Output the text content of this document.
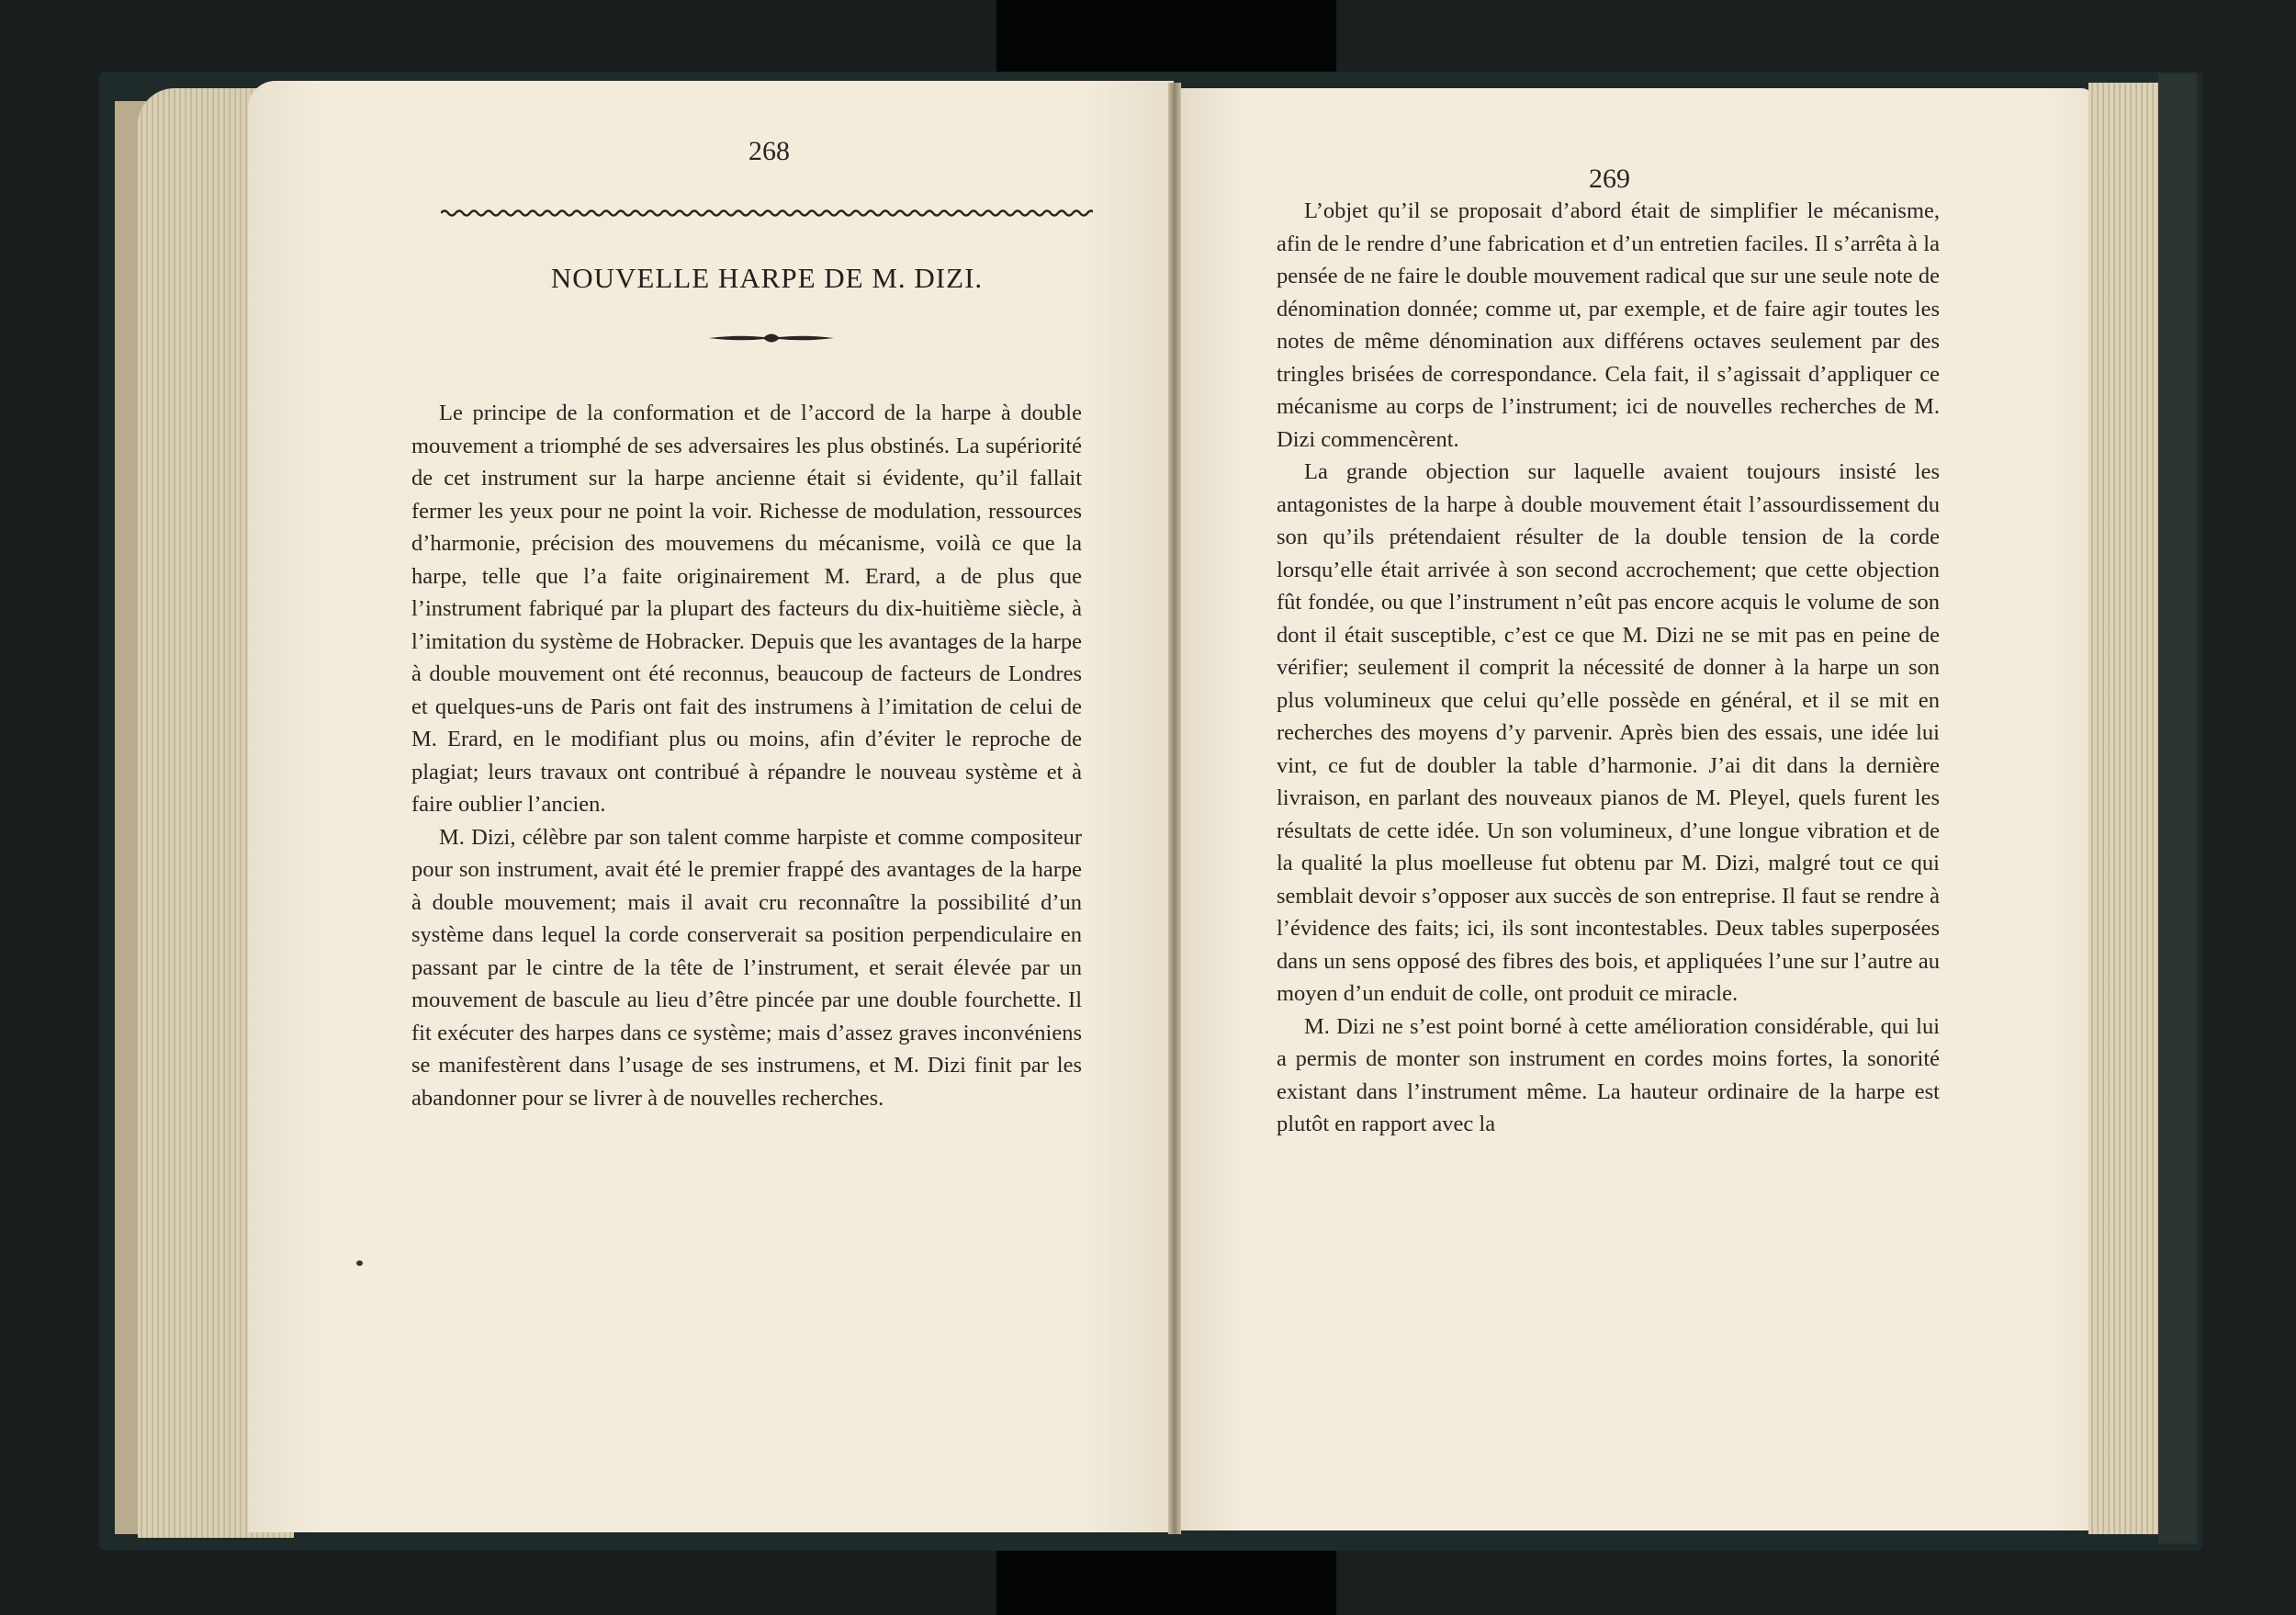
268
NOUVELLE HARPE DE M. DIZI.

Le principe de la conformation et de l’accord de la harpe à double mouvement a triomphé de ses adversaires les plus obstinés. La supériorité de cet instrument sur la harpe ancienne était si évidente, qu’il fallait fermer les yeux pour ne point la voir. Richesse de modulation, ressources d’harmonie, précision des mouvemens du mécanisme, voilà ce que la harpe, telle que l’a faite originairement M. Erard, a de plus que l’instrument fabriqué par la plupart des facteurs du dix-huitième siècle, à l’imitation du système de Hobracker. Depuis que les avantages de la harpe à double mouvement ont été reconnus, beaucoup de facteurs de Londres et quelques-uns de Paris ont fait des instrumens à l’imitation de celui de M. Erard, en le modifiant plus ou moins, afin d’éviter le reproche de plagiat; leurs travaux ont contribué à répandre le nouveau système et à faire oublier l’ancien.

M. Dizi, célèbre par son talent comme harpiste et comme compositeur pour son instrument, avait été le premier frappé des avantages de la harpe à double mouvement; mais il avait cru reconnaître la possibilité d’un système dans lequel la corde conserverait sa position perpendiculaire en passant par le cintre de la tête de l’instrument, et serait élevée par un mouvement de bascule au lieu d’être pincée par une double fourchette. Il fit exécuter des harpes dans ce système; mais d’assez graves inconvéniens se manifestèrent dans l’usage de ses instrumens, et M. Dizi finit par les abandonner pour se livrer à de nouvelles recherches.

269

L’objet qu’il se proposait d’abord était de simplifier le mécanisme, afin de le rendre d’une fabrication et d’un entretien faciles. Il s’arrêta à la pensée de ne faire le double mouvement radical que sur une seule note de dénomination donnée; comme ut, par exemple, et de faire agir toutes les notes de même dénomination aux différens octaves seulement par des tringles brisées de correspondance. Cela fait, il s’agissait d’appliquer ce mécanisme au corps de l’instrument; ici de nouvelles recherches de M. Dizi commencèrent.

La grande objection sur laquelle avaient toujours insisté les antagonistes de la harpe à double mouvement était l’assourdissement du son qu’ils prétendaient résulter de la double tension de la corde lorsqu’elle était arrivée à son second accrochement; que cette objection fût fondée, ou que l’instrument n’eût pas encore acquis le volume de son dont il était susceptible, c’est ce que M. Dizi ne se mit pas en peine de vérifier; seulement il comprit la nécessité de donner à la harpe un son plus volumineux que celui qu’elle possède en général, et il se mit en recherches des moyens d’y parvenir. Après bien des essais, une idée lui vint, ce fut de doubler la table d’harmonie. J’ai dit dans la dernière livraison, en parlant des nouveaux pianos de M. Pleyel, quels furent les résultats de cette idée. Un son volumineux, d’une longue vibration et de la qualité la plus moelleuse fut obtenu par M. Dizi, malgré tout ce qui semblait devoir s’opposer aux succès de son entreprise. Il faut se rendre à l’évidence des faits; ici, ils sont incontestables. Deux tables superposées dans un sens opposé des fibres des bois, et appliquées l’une sur l’autre au moyen d’un enduit de colle, ont produit ce miracle.

M. Dizi ne s’est point borné à cette amélioration considérable, qui lui a permis de monter son instrument en cordes moins fortes, la sonorité existant dans l’instrument même. La hauteur ordinaire de la harpe est plutôt en rapport avec la
